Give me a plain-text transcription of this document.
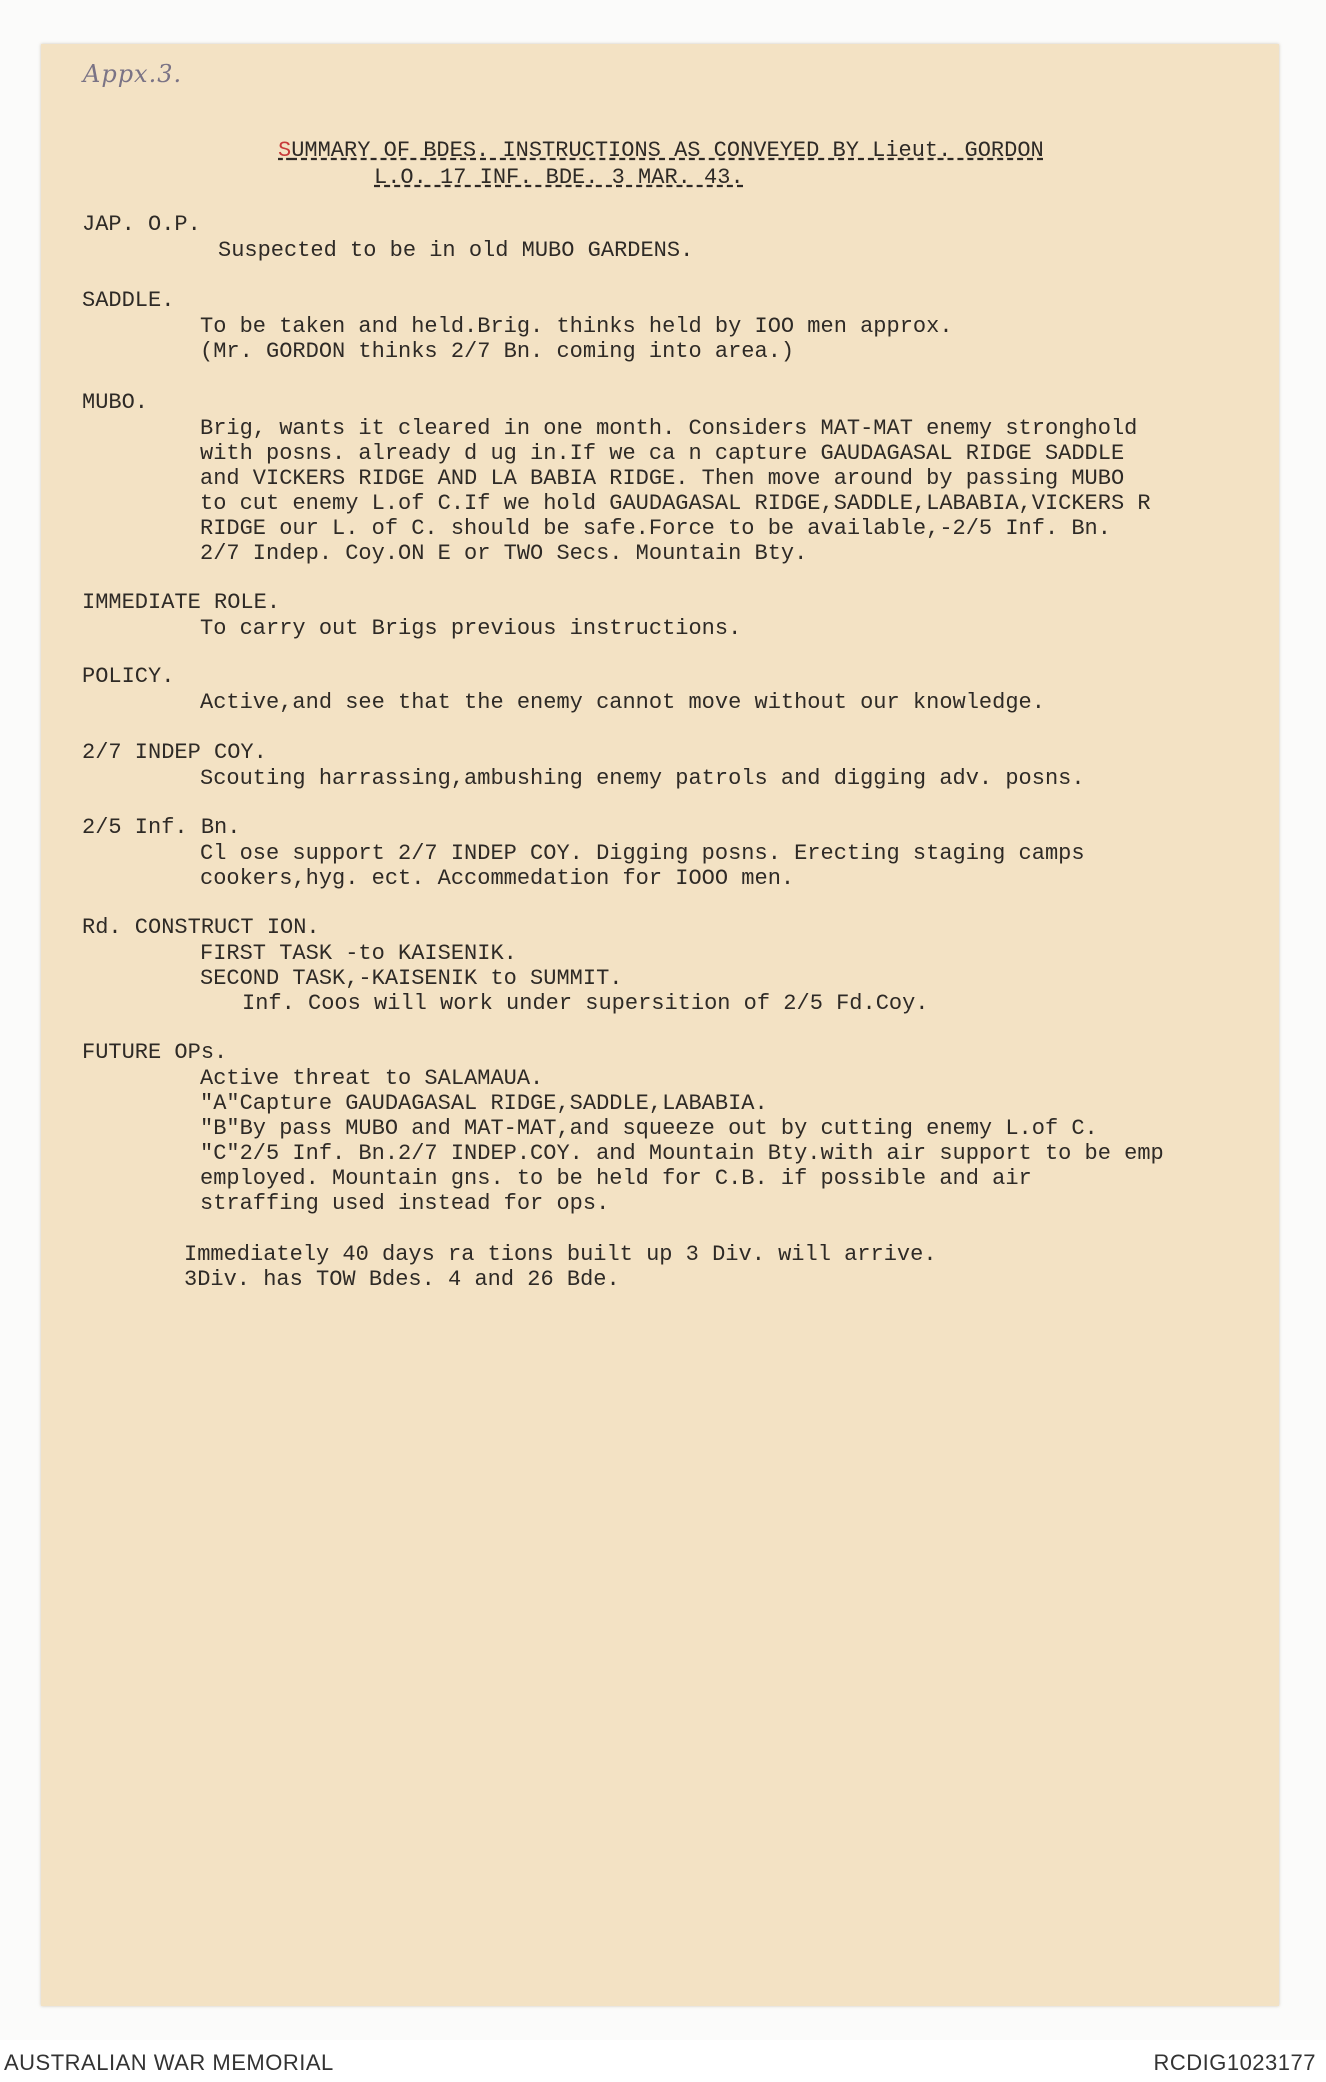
Appx.3.
SUMMARY OF BDES. INSTRUCTIONS AS CONVEYED BY Lieut. GORDON
L.O. 17 INF. BDE. 3 MAR. 43.
JAP. O.P.
Suspected to be in old MUBO GARDENS.
SADDLE.
To be taken and held.Brig. thinks held by IOO men approx.
(Mr. GORDON thinks 2/7 Bn. coming into area.)
MUBO.
Brig, wants it cleared in one month. Considers MAT-MAT enemy stronghold
with posns. already d ug in.If we ca n capture GAUDAGASAL RIDGE SADDLE
and VICKERS RIDGE AND LA BABIA RIDGE. Then move around by passing MUBO
to cut enemy L.of C.If we hold GAUDAGASAL RIDGE,SADDLE,LABABIA,VICKERS R
RIDGE our L. of C. should be safe.Force to be available,-2/5 Inf. Bn.
2/7 Indep. Coy.ON E or TWO Secs. Mountain Bty.
IMMEDIATE ROLE.
To carry out Brigs previous instructions.
POLICY.
Active,and see that the enemy cannot move without our knowledge.
2/7 INDEP COY.
Scouting harrassing,ambushing enemy patrols and digging adv. posns.
2/5 Inf. Bn.
Cl ose support 2/7 INDEP COY. Digging posns. Erecting staging camps
cookers,hyg. ect. Accommedation for IOOO men.
Rd. CONSTRUCT ION.
FIRST TASK -to KAISENIK.
SECOND TASK,-KAISENIK to SUMMIT.
Inf. Coos will work under supersition of 2/5 Fd.Coy.
FUTURE OPs.
Active threat to SALAMAUA.
"A"Capture GAUDAGASAL RIDGE,SADDLE,LABABIA.
"B"By pass MUBO and MAT-MAT,and squeeze out by cutting enemy L.of C.
"C"2/5 Inf. Bn.2/7 INDEP.COY. and Mountain Bty.with air support to be emp
employed. Mountain gns. to be held for C.B. if possible and air
straffing used instead for ops.
Immediately 40 days ra tions built up 3 Div. will arrive.
3Div. has TOW Bdes. 4 and 26 Bde.
AUSTRALIAN WAR MEMORIAL	RCDIG1023177
